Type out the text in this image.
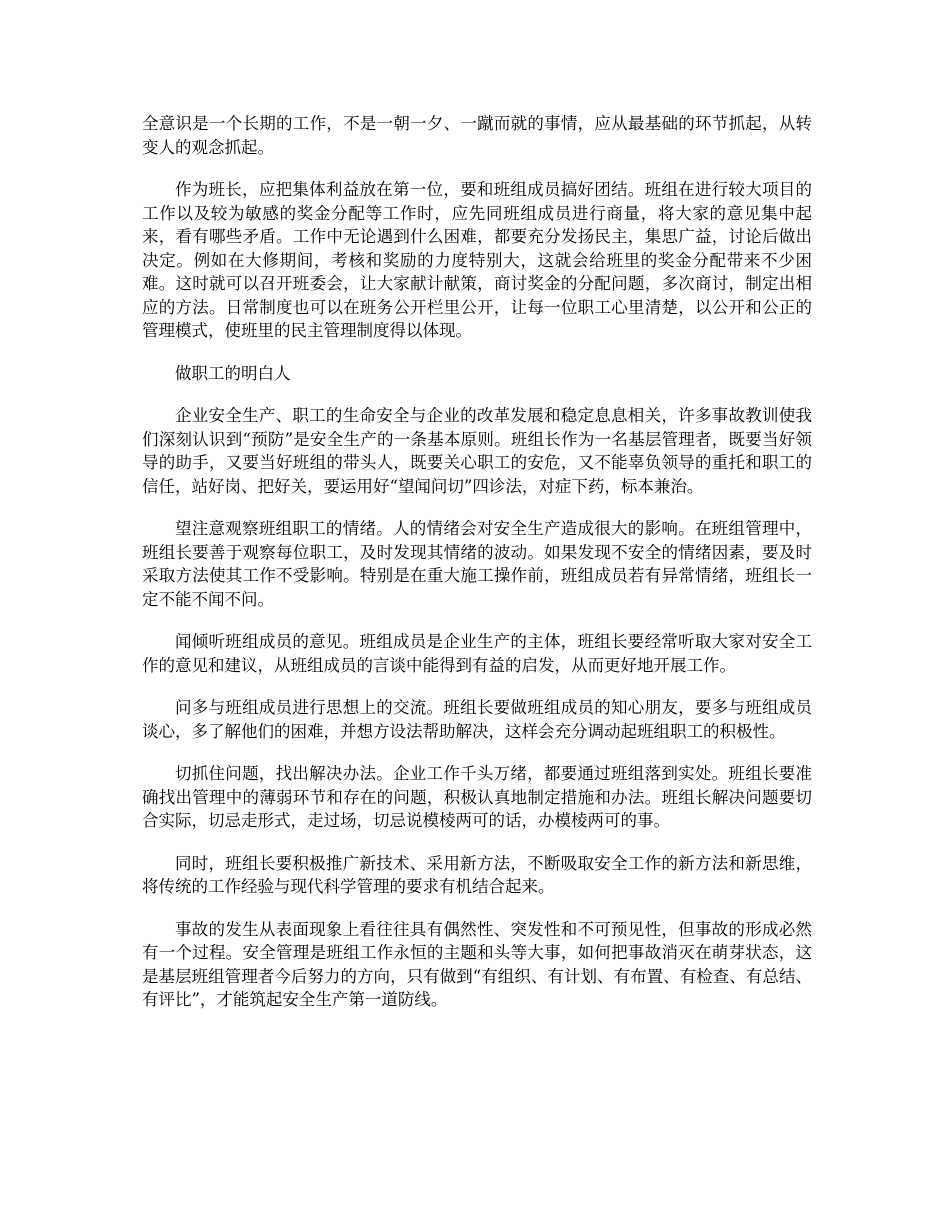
全意识是一个长期的工作，不是一朝一夕、一蹴而就的事情，应从最基础的环节抓起，从转变人的观念抓起。

作为班长，应把集体利益放在第一位，要和班组成员搞好团结。班组在进行较大项目的工作以及较为敏感的奖金分配等工作时，应先同班组成员进行商量，将大家的意见集中起来，看有哪些矛盾。工作中无论遇到什么困难，都要充分发扬民主，集思广益，讨论后做出决定。例如在大修期间，考核和奖励的力度特别大，这就会给班里的奖金分配带来不少困难。这时就可以召开班委会，让大家献计献策，商讨奖金的分配问题，多次商讨，制定出相应的方法。日常制度也可以在班务公开栏里公开，让每一位职工心里清楚，以公开和公正的管理模式，使班里的民主管理制度得以体现。

做职工的明白人

企业安全生产、职工的生命安全与企业的改革发展和稳定息息相关，许多事故教训使我们深刻认识到“预防”是安全生产的一条基本原则。班组长作为一名基层管理者，既要当好领导的助手，又要当好班组的带头人，既要关心职工的安危，又不能辜负领导的重托和职工的信任，站好岗、把好关，要运用好“望闻问切”四诊法，对症下药，标本兼治。

望注意观察班组职工的情绪。人的情绪会对安全生产造成很大的影响。在班组管理中，班组长要善于观察每位职工，及时发现其情绪的波动。如果发现不安全的情绪因素，要及时采取方法使其工作不受影响。特别是在重大施工操作前，班组成员若有异常情绪，班组长一定不能不闻不问。

闻倾听班组成员的意见。班组成员是企业生产的主体，班组长要经常听取大家对安全工作的意见和建议，从班组成员的言谈中能得到有益的启发，从而更好地开展工作。

问多与班组成员进行思想上的交流。班组长要做班组成员的知心朋友，要多与班组成员谈心，多了解他们的困难，并想方设法帮助解决，这样会充分调动起班组职工的积极性。

切抓住问题，找出解决办法。企业工作千头万绪，都要通过班组落到实处。班组长要准确找出管理中的薄弱环节和存在的问题，积极认真地制定措施和办法。班组长解决问题要切合实际，切忌走形式，走过场，切忌说模棱两可的话，办模棱两可的事。

同时，班组长要积极推广新技术、采用新方法，不断吸取安全工作的新方法和新思维，将传统的工作经验与现代科学管理的要求有机结合起来。

事故的发生从表面现象上看往往具有偶然性、突发性和不可预见性，但事故的形成必然有一个过程。安全管理是班组工作永恒的主题和头等大事，如何把事故消灭在萌芽状态，这是基层班组管理者今后努力的方向，只有做到“有组织、有计划、有布置、有检查、有总结、有评比”，才能筑起安全生产第一道防线。
